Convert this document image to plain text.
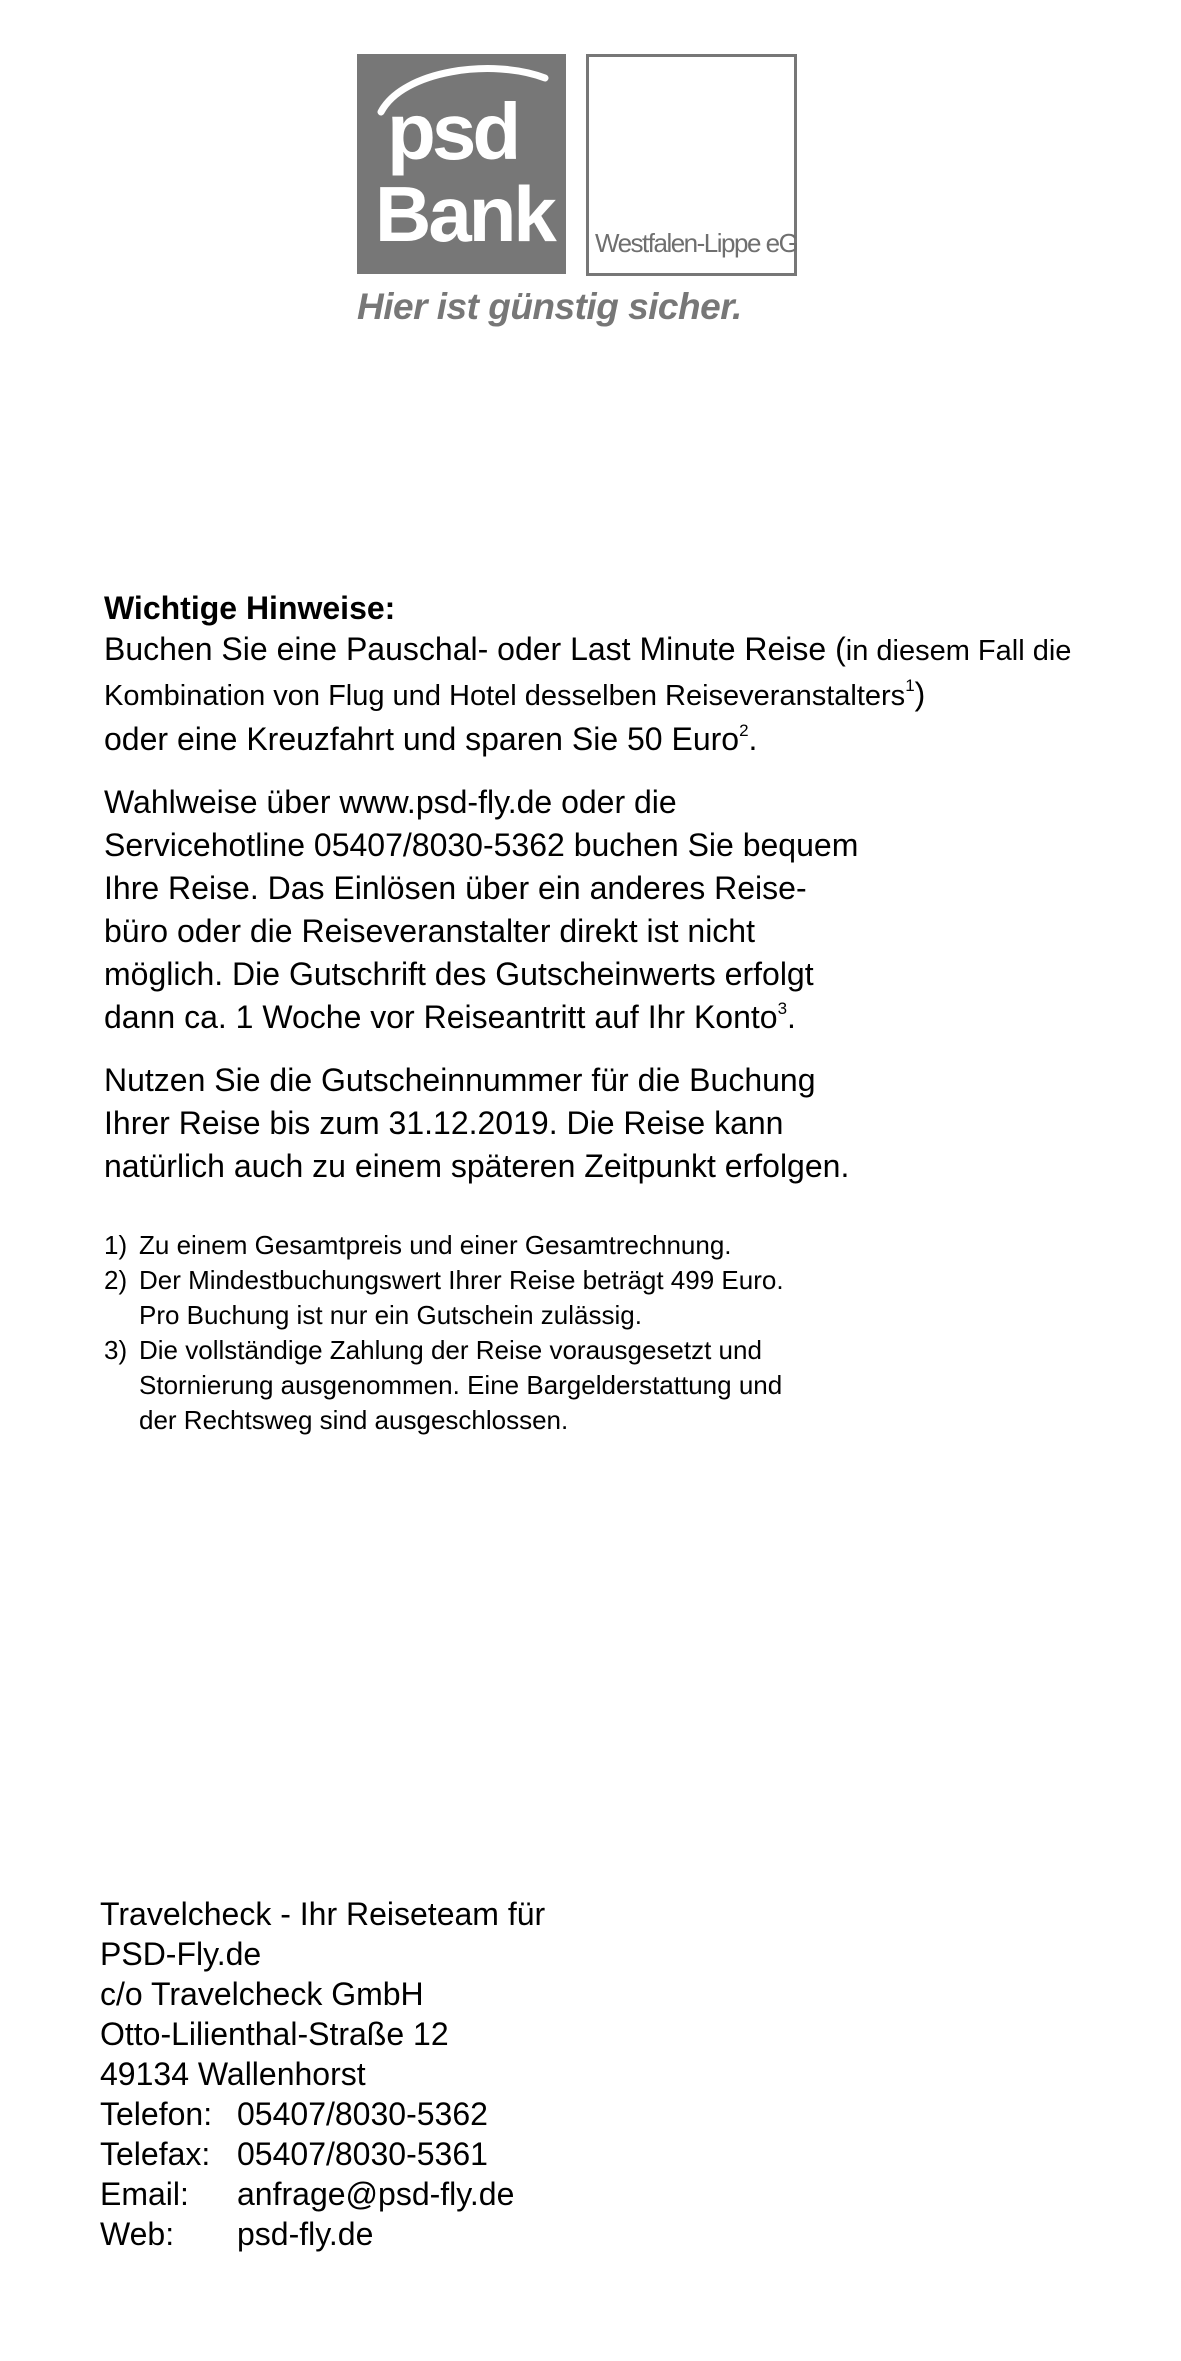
psd
Bank	Westfalen-Lippe eG
Hier ist günstig sicher.

Wichtige Hinweise:

Buchen Sie eine Pauschal- oder Last Minute Reise (in diesem Fall die Kombination von Flug und Hotel desselben Reiseveranstalters$^1$)
oder eine Kreuzfahrt und sparen Sie 50 Euro$^2$.

Wahlweise über www.psd-fly.de oder die
Servicehotline 05407/8030-5362 buchen Sie bequem
Ihre Reise. Das Einlösen über ein anderes Reise-
büro oder die Reiseveranstalter direkt ist nicht
möglich. Die Gutschrift des Gutscheinwerts erfolgt
dann ca. 1 Woche vor Reiseantritt auf Ihr Konto$^3$.

Nutzen Sie die Gutscheinnummer für die Buchung
Ihrer Reise bis zum 31.12.2019. Die Reise kann
natürlich auch zu einem späteren Zeitpunkt erfolgen.

1) Zu einem Gesamtpreis und einer Gesamtrechnung.
2) Der Mindestbuchungswert Ihrer Reise beträgt 499 Euro.
Pro Buchung ist nur ein Gutschein zulässig.
3) Die vollständige Zahlung der Reise vorausgesetzt und
Stornierung ausgenommen. Eine Bargelderstattung und
der Rechtsweg sind ausgeschlossen.
Travelcheck - Ihr Reiseteam für
PSD-Fly.de
c/o Travelcheck GmbH
Otto-Lilienthal-Straße 12
49134 Wallenhorst
Telefon: 05407/8030-5362
Telefax: 05407/8030-5361
Email:	anfrage@psd-fly.de
Web:	psd-fly.de
